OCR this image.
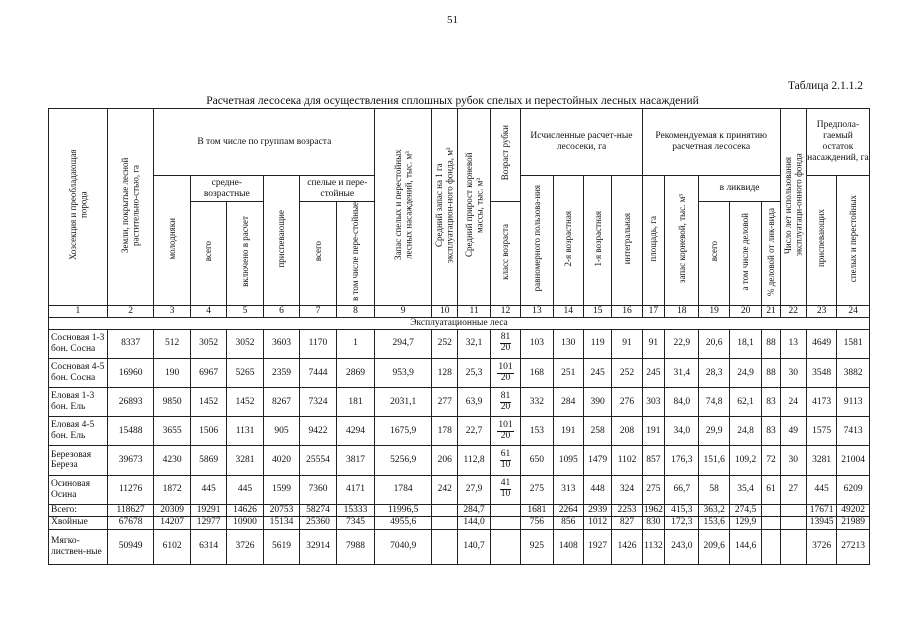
51
Таблица 2.1.1.2
Расчетная лесосека для осуществления сплошных рубок спелых и перестойных лесных насаждений
Хозсекция и преобладающая порода	Земли, покрытые лесной растительно-стью, га	В том числе по группам возраста						Запас спелых и перестойных лесных насаждений, тыс. м³	Средний запас на 1 га эксплуатацион-ного фонда, м³	Средний прирост корневой массы, тыс. м³	Возраст рубки	Исчисленные расчет-ные лесосеки, га				Рекомендуемая к принятию расчетная лесосека					Число лет использования эксплуатаци-онного фонда	Предпола-гаемый остаток насаждений, га	
		молодняки	средне-возрастные		приспевающие	спелые и пере-стойные						равномерного пользова-ния	2-я возрастная	1-я возрастная	интегральная	площадь, га	запас корневой, тыс. м³	в ликвиде				приспевающих	спелых и перестойных
			всего	включено в расчет		всего	в том числе пере-стойные				класс возраста							всего	а том числе деловой	% деловой от лик-вида			
1	2	3	4	5	6	7	8	9	10	11	12	13	14	15	16	17	18	19	20	21	22	23	24
Эксплуатационные леса																							
Сосновая 1-3 бон. Сосна	8337	512	3052	3052	3603	1170	1	294,7	252	32,1	$\frac{81}{20}$	103	130	119	91	91	22,9	20,6	18,1	88	13	4649	1581
Сосновая 4-5 бон. Сосна	16960	190	6967	5265	2359	7444	2869	953,9	128	25,3	$\frac{101}{20}$	168	251	245	252	245	31,4	28,3	24,9	88	30	3548	3882
Еловая 1-3 бон. Ель	26893	9850	1452	1452	8267	7324	181	2031,1	277	63,9	$\frac{81}{20}$	332	284	390	276	303	84,0	74,8	62,1	83	24	4173	9113
Еловая 4-5 бон. Ель	15488	3655	1506	1131	905	9422	4294	1675,9	178	22,7	$\frac{101}{20}$	153	191	258	208	191	34,0	29,9	24,8	83	49	1575	7413
Березовая Береза	39673	4230	5869	3281	4020	25554	3817	5256,9	206	112,8	$\frac{61}{10}$	650	1095	1479	1102	857	176,3	151,6	109,2	72	30	3281	21004
Осиновая Осина	11276	1872	445	445	1599	7360	4171	1784	242	27,9	$\frac{41}{10}$	275	313	448	324	275	66,7	58	35,4	61	27	445	6209
Всего:	118627	20309	19291	14626	20753	58274	15333	11996,5		284,7		1681	2264	2939	2253	1962	415,3	363,2	274,5			17671	49202
Хвойные	67678	14207	12977	10900	15134	25360	7345	4955,6		144,0		756	856	1012	827	830	172,3	153,6	129,9			13945	21989
Мягко-листвен-ные	50949	6102	6314	3726	5619	32914	7988	7040,9		140,7		925	1408	1927	1426	1132	243,0	209,6	144,6			3726	27213
